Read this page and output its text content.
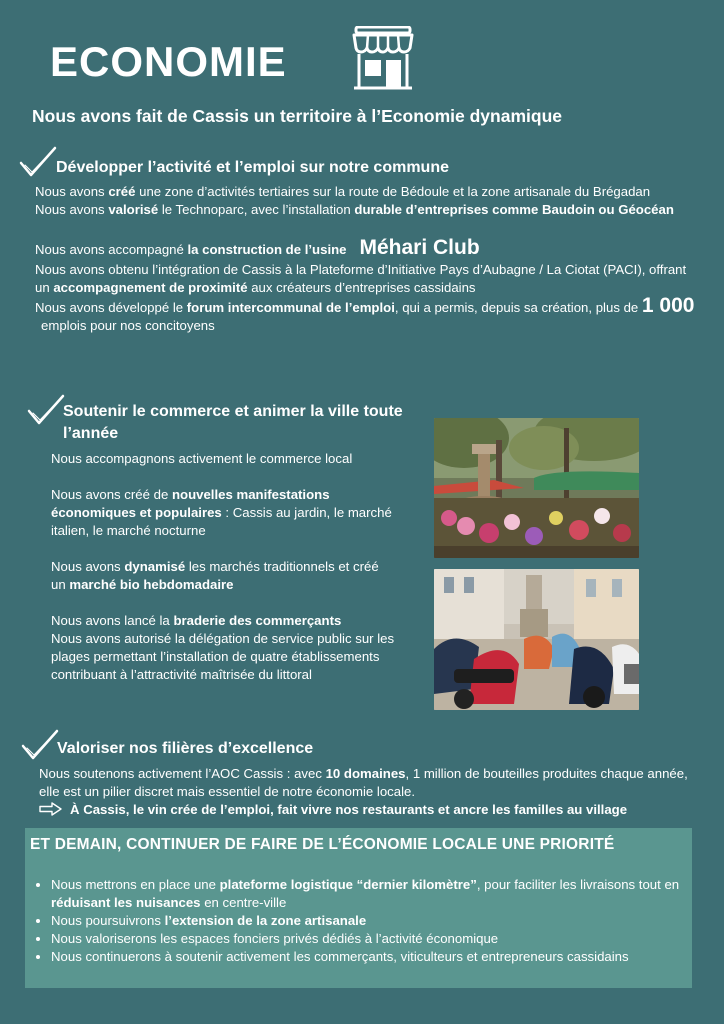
ECONOMIE
Nous avons fait de Cassis un territoire à l’Economie dynamique
Développer l’activité et l’emploi sur notre commune

Nous avons créé une zone d’activités tertiaires sur la route de Bédoule et la zone artisanale du Brégadan

Nous avons valorisé le Technoparc, avec l’installation durable d’entreprises comme Baudoin ou Géocéan

Nous avons accompagné la construction de l’usine Méhari Club

Nous avons obtenu l’intégration de Cassis à la Plateforme d’Initiative Pays d’Aubagne / La Ciotat (PACI), offrant un accompagnement de proximité aux créateurs d’entreprises cassidains

Nous avons développé le forum intercommunal de l’emploi, qui a permis, depuis sa création, plus de 1 000 emplois pour nos concitoyens

Soutenir le commerce et animer la ville toute l’année

Nous accompagnons activement le commerce local

Nous avons créé de nouvelles manifestations économiques et populaires : Cassis au jardin, le marché italien, le marché nocturne

Nous avons dynamisé les marchés traditionnels et créé un marché bio hebdomadaire

Nous avons lancé la braderie des commerçants

Nous avons autorisé la délégation de service public sur les plages permettant l’installation de quatre établissements contribuant à l’attractivité maîtrisée du littoral

Valoriser nos filières d’excellence

Nous soutenons activement l’AOC Cassis : avec 10 domaines, 1 million de bouteilles produites chaque année, elle est un pilier discret mais essentiel de notre économie locale.

À Cassis, le vin crée de l’emploi, fait vivre nos restaurants et ancre les familles au village
ET DEMAIN, CONTINUER DE FAIRE DE L’ÉCONOMIE LOCALE UNE PRIORITÉ
• Nous mettrons en place une plateforme logistique “dernier kilomètre”, pour faciliter les livraisons tout en réduisant les nuisances en centre-ville
• Nous poursuivrons l’extension de la zone artisanale
• Nous valoriserons les espaces fonciers privés dédiés à l’activité économique
• Nous continuerons à soutenir activement les commerçants, viticulteurs et entrepreneurs cassidains
